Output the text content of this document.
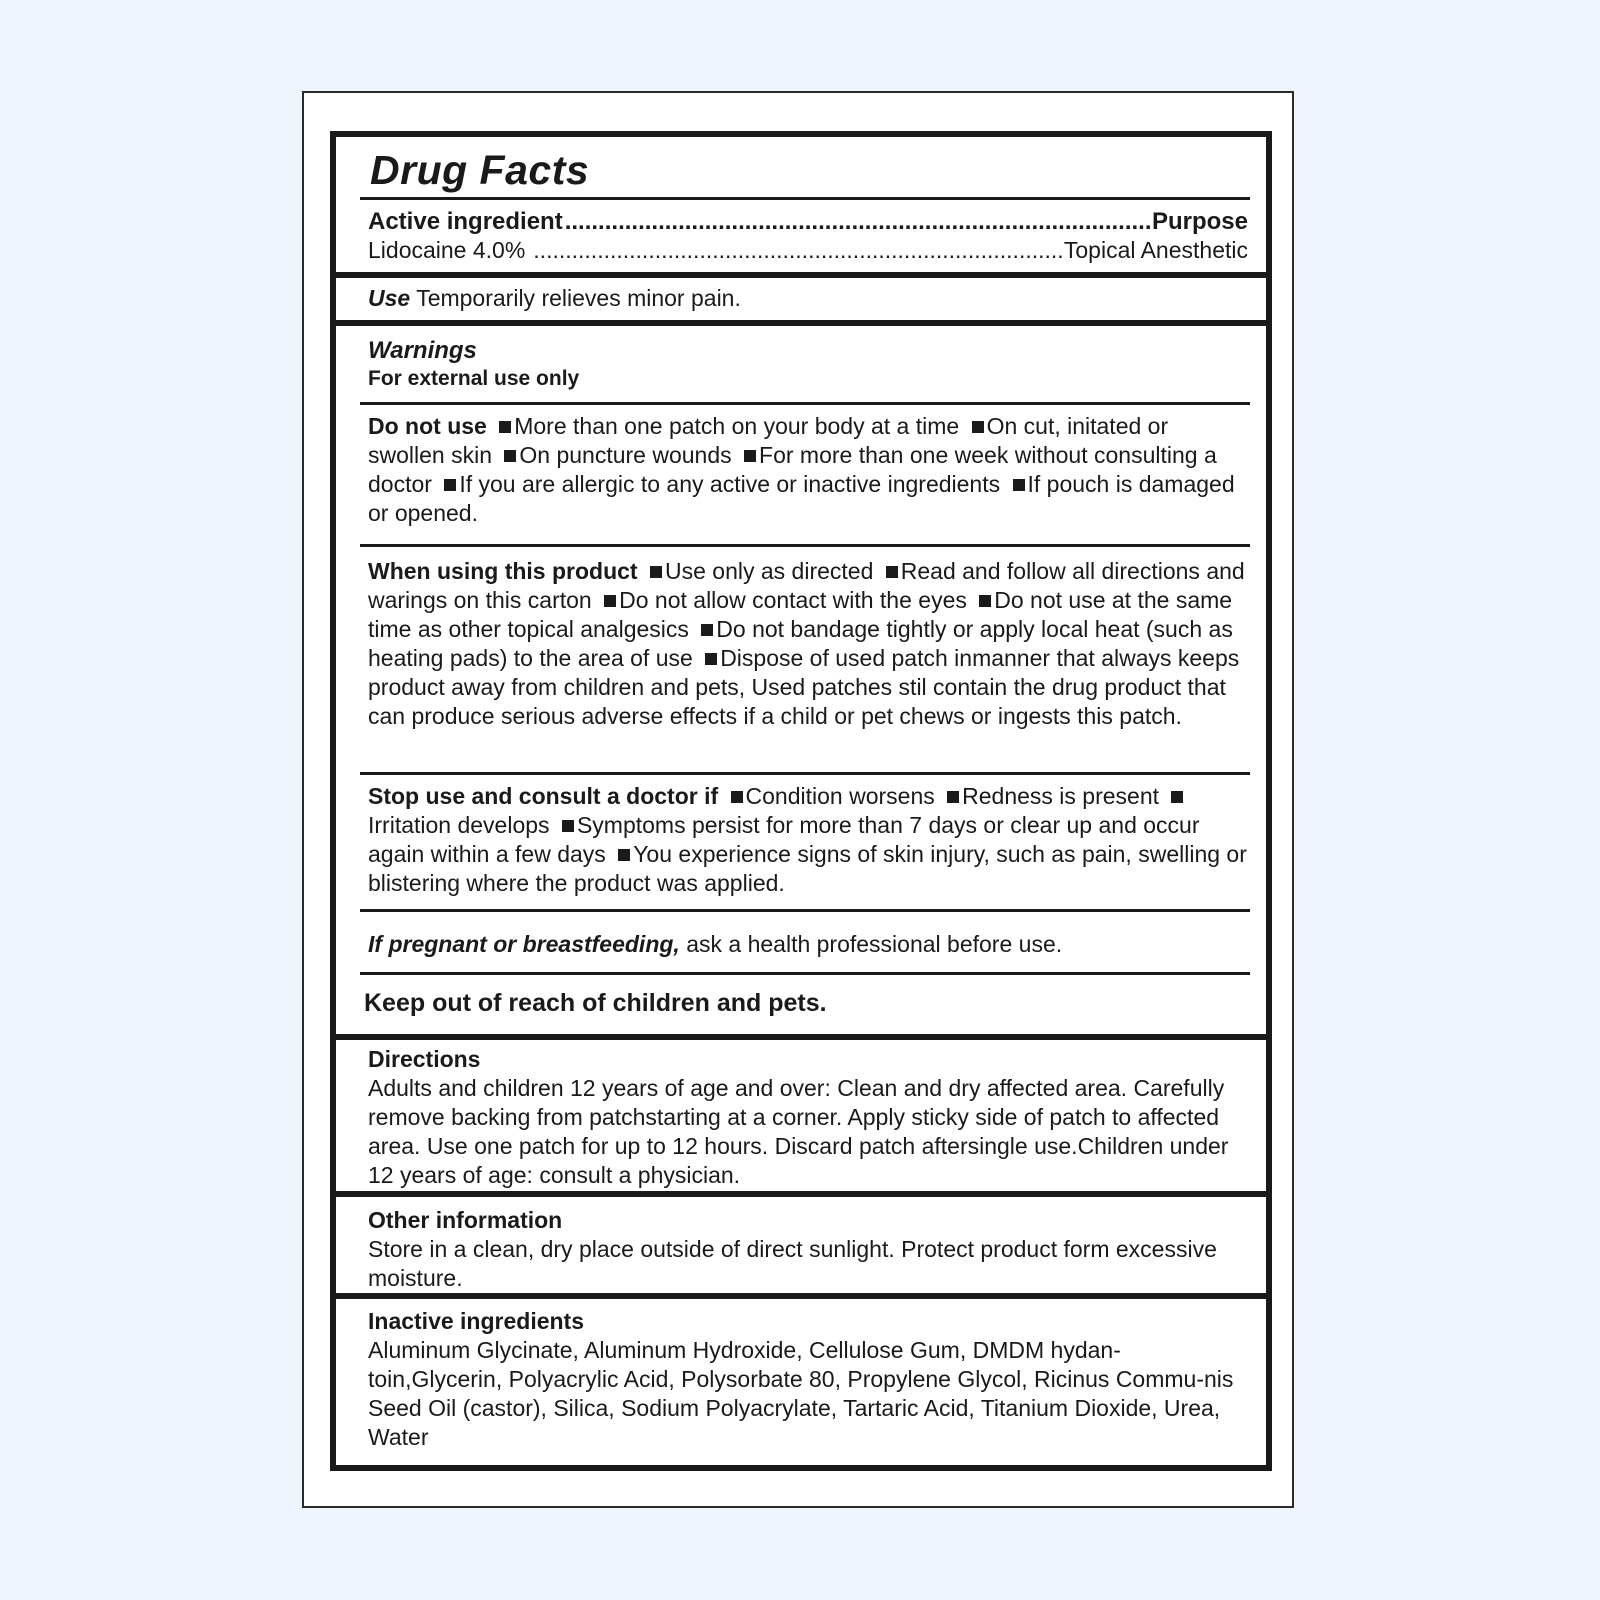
Drug Facts
Active ingredient .....	Purpose
Lidocaine 4.0% .....	Topical Anesthetic
Use Temporarily relieves minor pain.
Warnings
For external use only

Do not use More than one patch on your body at a time On cut, initated or swollen skin On puncture wounds For more than one week without consulting a doctor If you are allergic to any active or inactive ingredients If pouch is damaged or opened.

When using this product Use only as directed Read and follow all directions and warings on this carton Do not allow contact with the eyes Do not use at the same time as other topical analgesics Do not bandage tightly or apply local heat (such as heating pads) to the area of use Dispose of used patch inmanner that always keeps product away from children and pets, Used patches stil contain the drug product that can produce serious adverse effects if a child or pet chews or ingests this patch.

Stop use and consult a doctor if Condition worsens Redness is present Irritation develops Symptoms persist for more than 7 days or clear up and occur again within a few days You experience signs of skin injury, such as pain, swelling or blistering where the product was applied.

If pregnant or breastfeeding, ask a health professional before use.

Keep out of reach of children and pets.
Directions

Adults and children 12 years of age and over: Clean and dry affected area. Carefully remove backing from patchstarting at a corner. Apply sticky side of patch to affected area. Use one patch for up to 12 hours. Discard patch aftersingle use.Children under 12 years of age: consult a physician.

Other information

Store in a clean, dry place outside of direct sunlight. Protect product form excessive moisture.

Inactive ingredients

Aluminum Glycinate, Aluminum Hydroxide, Cellulose Gum, DMDM hydan-toin,Glycerin, Polyacrylic Acid, Polysorbate 80, Propylene Glycol, Ricinus Commu-nis Seed Oil (castor), Silica, Sodium Polyacrylate, Tartaric Acid, Titanium Dioxide, Urea, Water
